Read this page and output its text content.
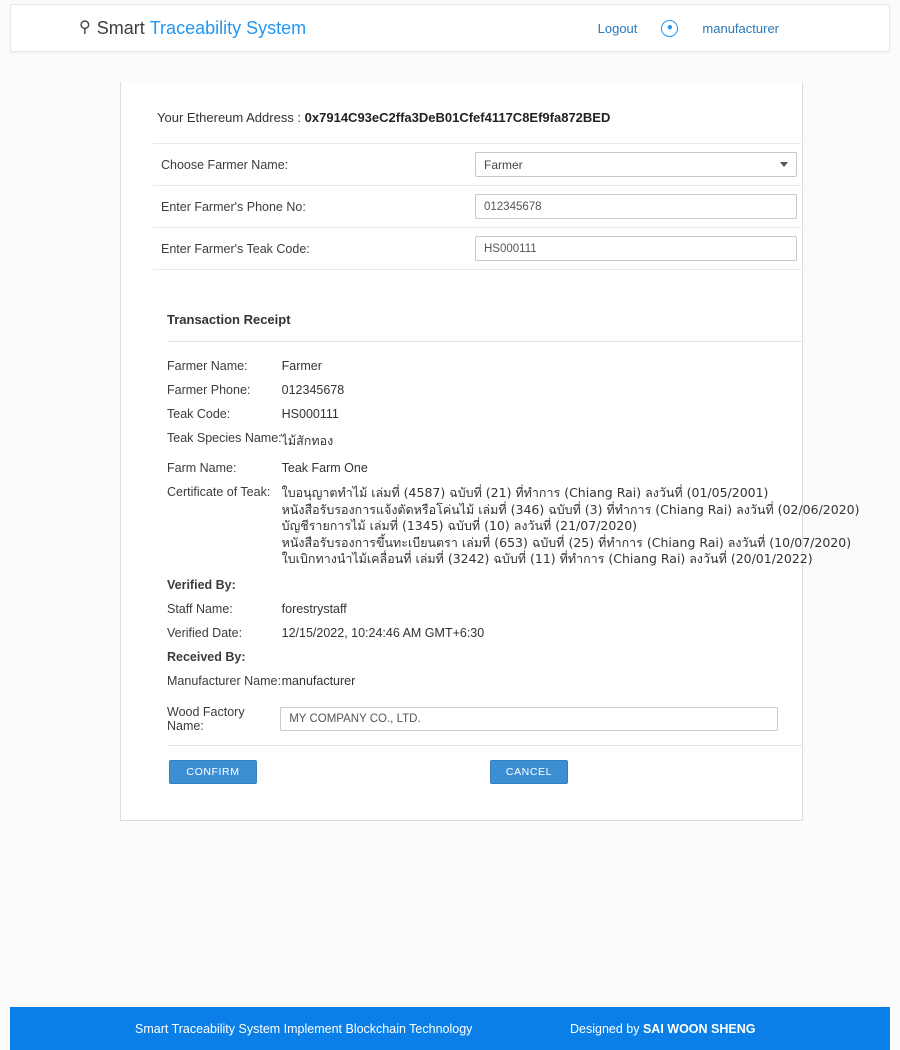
⚲ Smart Traceability System	Logout	●	manufacturer
Your Ethereum Address : 0x7914C93eC2ffa3DeB01Cfef4117C8Ef9fa872BED
Choose Farmer Name:	Farmer

Enter Farmer's Phone No:	012345678
Enter Farmer's Teak Code:	HS000111
Transaction Receipt
Farmer Name:	Farmer
Farmer Phone:	012345678
Teak Code:	HS000111
Teak Species Name:	ไม้สักทอง
Farm Name:	Teak Farm One
Certificate of Teak:	ใบอนุญาตทำไม้ เล่มที่ (4587) ฉบับที่ (21) ที่ทำการ (Chiang Rai) ลงวันที่ (01/05/2001)
หนังสือรับรองการแจ้งตัดหรือโค่นไม้ เล่มที่ (346) ฉบับที่ (3) ที่ทำการ (Chiang Rai) ลงวันที่ (02/06/2020)
บัญชีรายการไม้ เล่มที่ (1345) ฉบับที่ (10) ลงวันที่ (21/07/2020)
หนังสือรับรองการขึ้นทะเบียนตรา เล่มที่ (653) ฉบับที่ (25) ที่ทำการ (Chiang Rai) ลงวันที่ (10/07/2020)
ใบเบิกทางนำไม้เคลื่อนที่ เล่มที่ (3242) ฉบับที่ (11) ที่ทำการ (Chiang Rai) ลงวันที่ (20/01/2022)

Verified By:	
Staff Name:	forestrystaff
Verified Date:	12/15/2022, 10:24:46 AM GMT+6:30
Received By:	
Manufacturer Name:	manufacturer
Wood Factory Name:
MY COMPANY CO., LTD.
CONFIRM	CANCEL
Smart Traceability System Implement Blockchain Technology	Designed by SAI WOON SHENG
